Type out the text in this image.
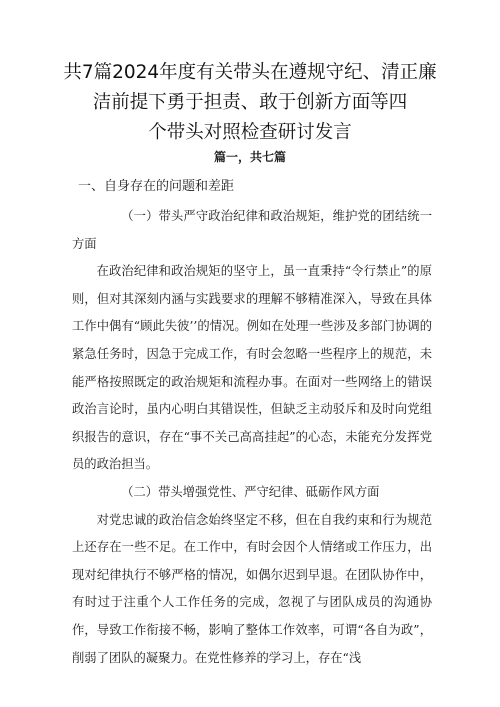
共7篇2024年度有关带头在遵规守纪、清正廉
洁前提下勇于担责、敢于创新方面等四
个带头对照检查研讨发言
篇一，共七篇
一、自身存在的问题和差距

（一）带头严守政治纪律和政治规矩，维护党的团结统一方面

在政治纪律和政治规矩的坚守上，虽一直秉持“令行禁止”的原则，但对其深刻内涵与实践要求的理解不够精准深入，导致在具体工作中偶有“顾此失彼’’的情况。例如在处理一些涉及多部门协调的紧急任务时，因急于完成工作，有时会忽略一些程序上的规范，未能严格按照既定的政治规矩和流程办事。在面对一些网络上的错误政治言论时，虽内心明白其错误性，但缺乏主动驳斥和及时向党组织报告的意识，存在“事不关己高高挂起”的心态，未能充分发挥党员的政治担当。

（二）带头增强党性、严守纪律、砥砺作风方面

对党忠诚的政治信念始终坚定不移，但在自我约束和行为规范上还存在一些不足。在工作中，有时会因个人情绪或工作压力，出现对纪律执行不够严格的情况，如偶尔迟到早退。在团队协作中，有时过于注重个人工作任务的完成，忽视了与团队成员的沟通协作，导致工作衔接不畅，影响了整体工作效率，可谓“各自为政”，削弱了团队的凝聚力。在党性修养的学习上，存在“浅
